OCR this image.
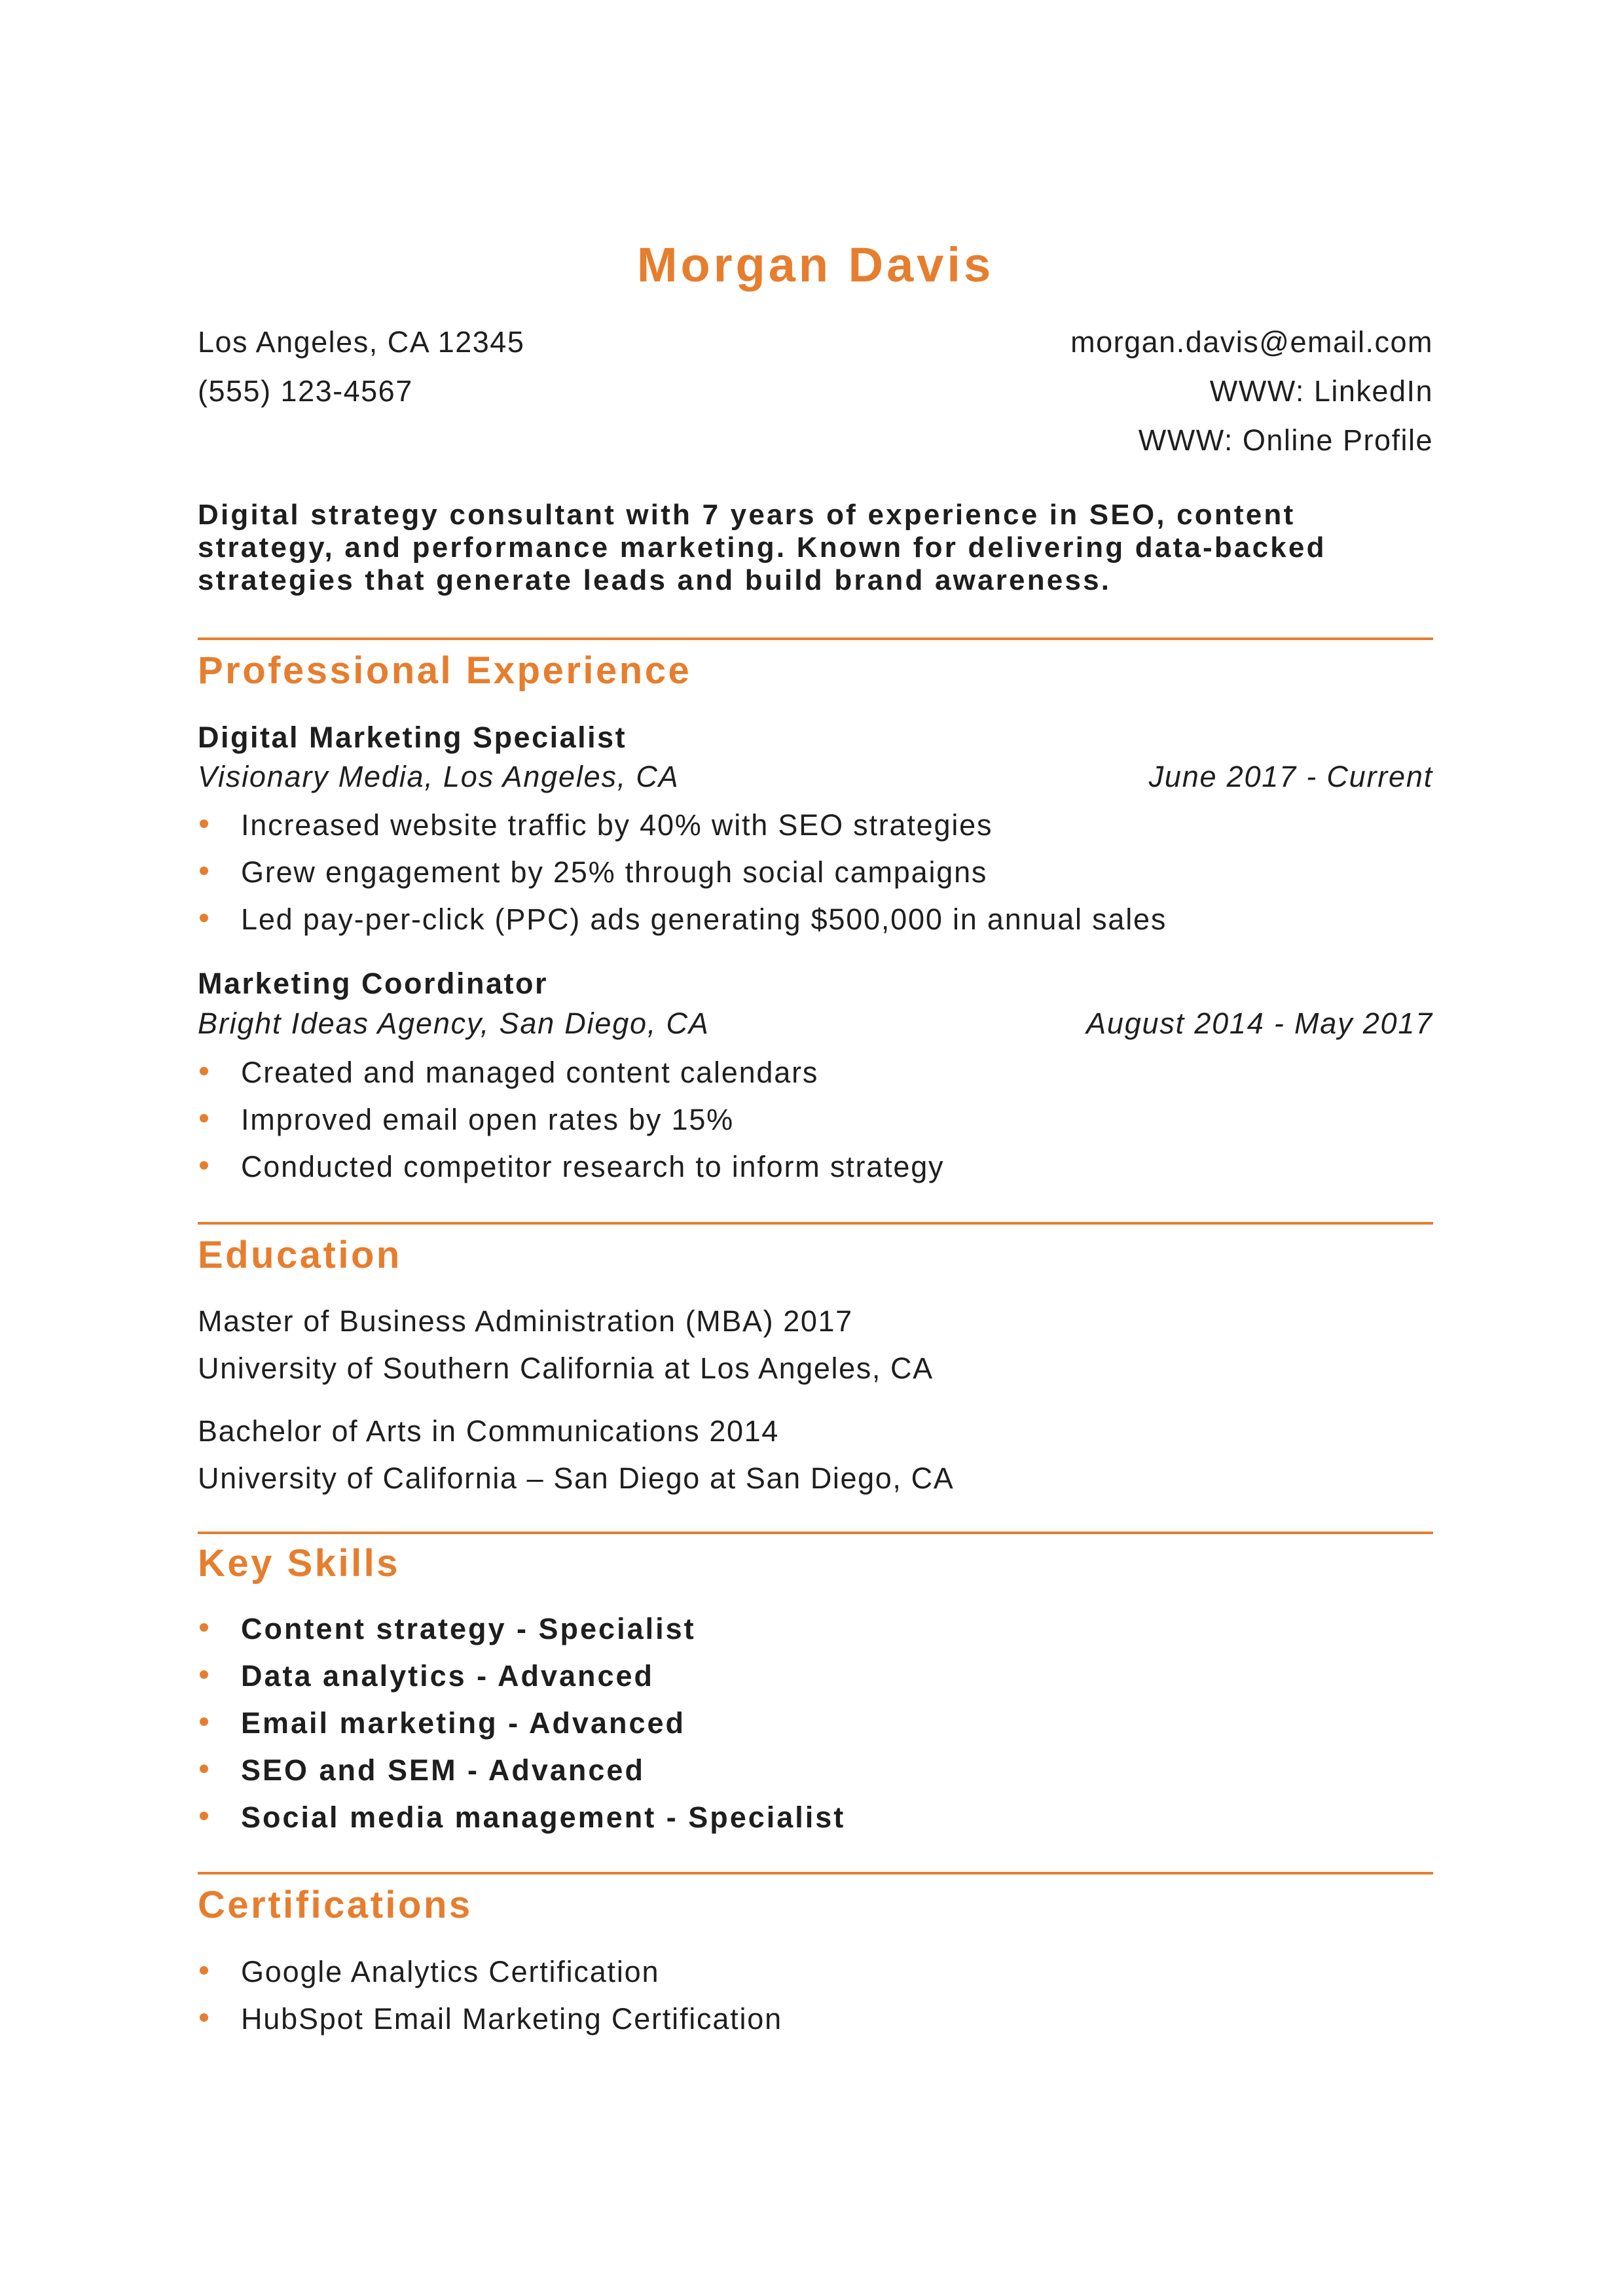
Morgan Davis
Los Angeles, CA 12345
(555) 123-4567
morgan.davis@email.com
WWW: LinkedIn
WWW: Online Profile
Digital strategy consultant with 7 years of experience in SEO, content
strategy, and performance marketing. Known for delivering data-backed
strategies that generate leads and build brand awareness.
Professional Experience
Digital Marketing Specialist
Visionary Media, Los Angeles, CA	June 2017 - Current
Increased website traffic by 40% with SEO strategies
Grew engagement by 25% through social campaigns
Led pay-per-click (PPC) ads generating $500,000 in annual sales
Marketing Coordinator
Bright Ideas Agency, San Diego, CA	August 2014 - May 2017
Created and managed content calendars
Improved email open rates by 15%
Conducted competitor research to inform strategy
Education
Master of Business Administration (MBA) 2017
University of Southern California at Los Angeles, CA
Bachelor of Arts in Communications 2014
University of California – San Diego at San Diego, CA
Key Skills
Content strategy - Specialist
Data analytics - Advanced
Email marketing - Advanced
SEO and SEM - Advanced
Social media management - Specialist
Certifications
Google Analytics Certification
HubSpot Email Marketing Certification
